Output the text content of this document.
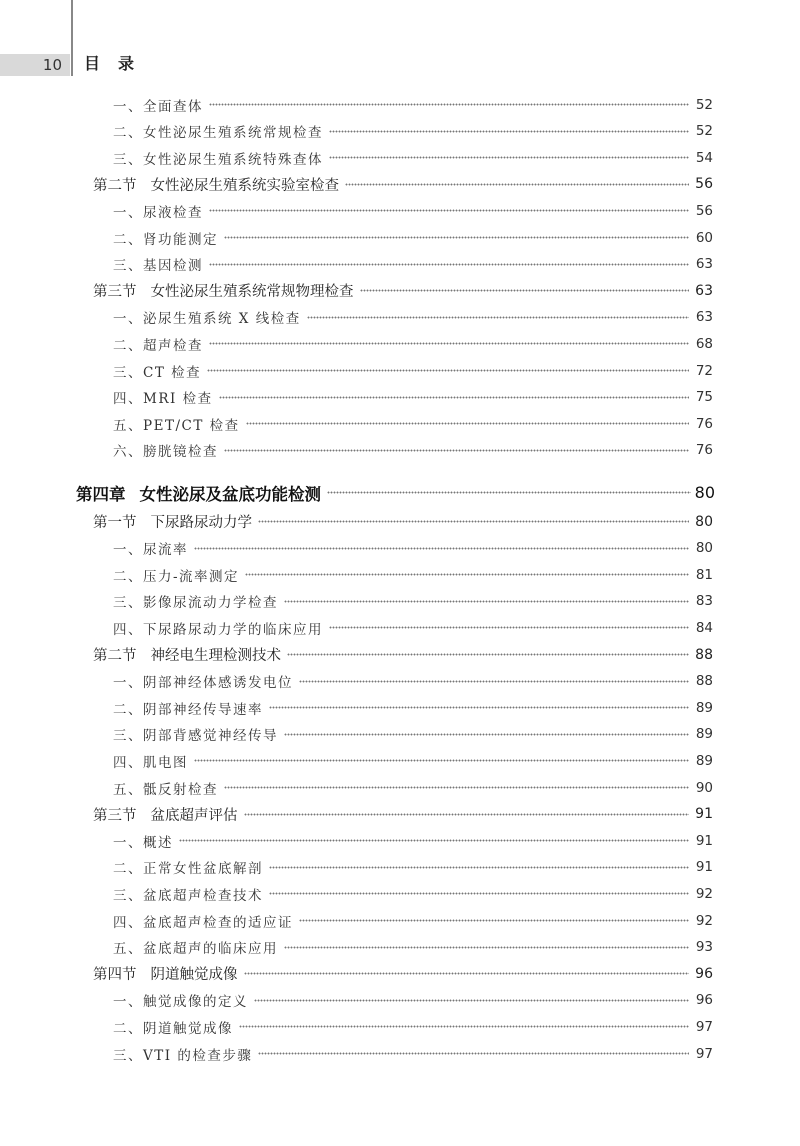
10	目录
一、全面查体	52
二、女性泌尿生殖系统常规检查	52
三、女性泌尿生殖系统特殊查体	54
第二节 女性泌尿生殖系统实验室检查	56
一、尿液检查	56
二、肾功能测定	60
三、基因检测	63
第三节 女性泌尿生殖系统常规物理检查	63
一、泌尿生殖系统 X 线检查	63
二、超声检查	68
三、CT 检查	72
四、MRI 检查	75
五、PET/CT 检查	76
六、膀胱镜检查	76
第四章 女性泌尿及盆底功能检测	80
第一节 下尿路尿动力学	80
一、尿流率	80
二、压力-流率测定	81
三、影像尿流动力学检查	83
四、下尿路尿动力学的临床应用	84
第二节 神经电生理检测技术	88
一、阴部神经体感诱发电位	88
二、阴部神经传导速率	89
三、阴部背感觉神经传导	89
四、肌电图	89
五、骶反射检查	90
第三节 盆底超声评估	91
一、概述	91
二、正常女性盆底解剖	91
三、盆底超声检查技术	92
四、盆底超声检查的适应证	92
五、盆底超声的临床应用	93
第四节 阴道触觉成像	96
一、触觉成像的定义	96
二、阴道触觉成像	97
三、VTI 的检查步骤	97
